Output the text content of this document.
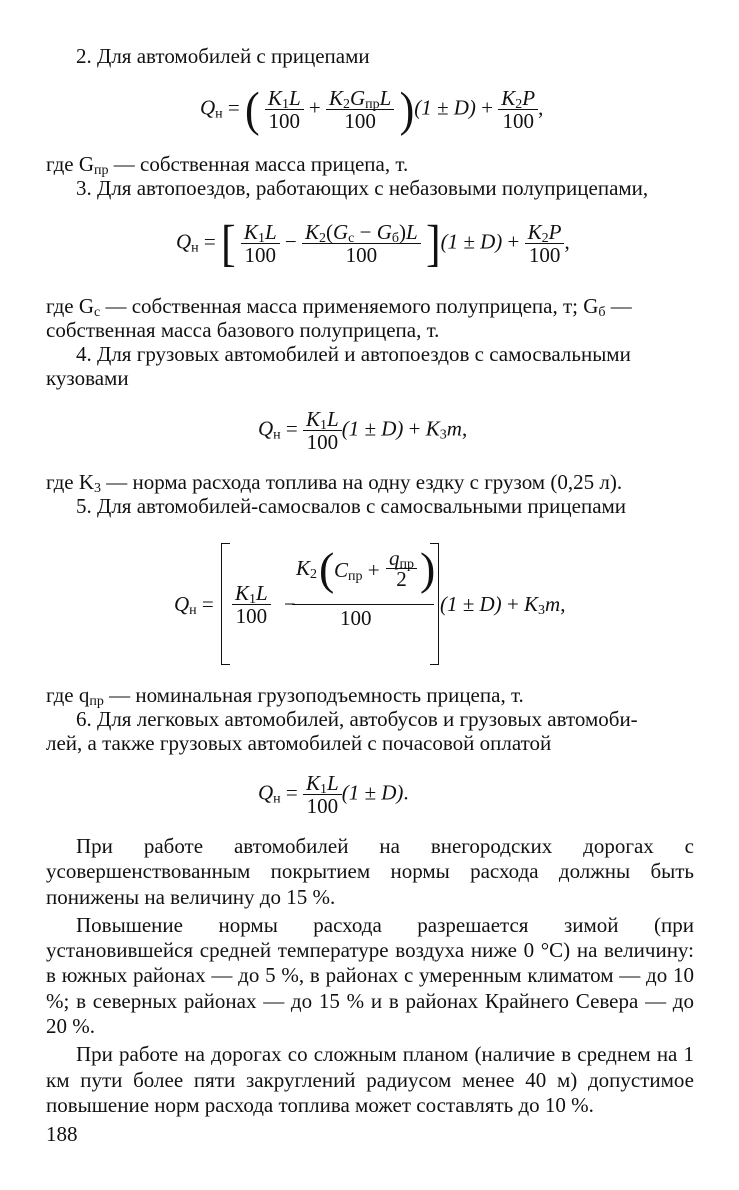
2. Для автомобилей с прицепами
$Q_н$ = ( $\frac{K_1L}{100} + \frac{K_2G_{пр}L}{100} )(1 \pm D) + \frac{K_2P}{100}$ ,
где $G_{пр}$ — собственная масса прицепа, т.
3. Для автопоездов, работающих с небазовыми полуприцепами,
$Q_н$ = [ $\frac{K_1L}{100} - \frac{K_2(G_с - G_б)L}{100} ](1 \pm D) + \frac{K_2P}{100}$ ,
где $G_с$ — собственная масса применяемого полуприцепа, т; $G_б$ —
собственная масса базового полуприцепа, т.
4. Для грузовых автомобилей и автопоездов с самосвальными
кузовами
$Q_н = \frac{K_1L}{100} (1 \pm D) + K_3m$,
где $K_3$ — норма расхода топлива на одну ездку с грузом (0,25 л).
5. Для автомобилей-самосвалов с самосвальными прицепами
$Q_н = \frac{K_1L}{100}$ −
$K_2$ ( $C_{пр} + \frac{q_{пр}}{2}$ )
100
$(1 \pm D) + K_3m$,
где $q_{пр}$ — номинальная грузоподъемность прицепа, т.
6. Для легковых автомобилей, автобусов и грузовых автомоби-
лей, а также грузовых автомобилей с почасовой оплатой
$Q_н = \frac{K_1L}{100} (1 \pm D)$.

При работе автомобилей на внегородских дорогах с усовершенствованным покрытием нормы расхода должны быть понижены на величину до 15 %.

Повышение нормы расхода разрешается зимой (при установившейся средней температуре воздуха ниже 0 °С) на величину: в южных районах — до 5 %, в районах с умеренным климатом — до 10 %; в северных районах — до 15 % и в районах Крайнего Севера — до 20 %.

При работе на дорогах со сложным планом (наличие в среднем на 1 км пути более пяти закруглений радиусом менее 40 м) допустимое повышение норм расхода топлива может составлять до 10 %.

188
